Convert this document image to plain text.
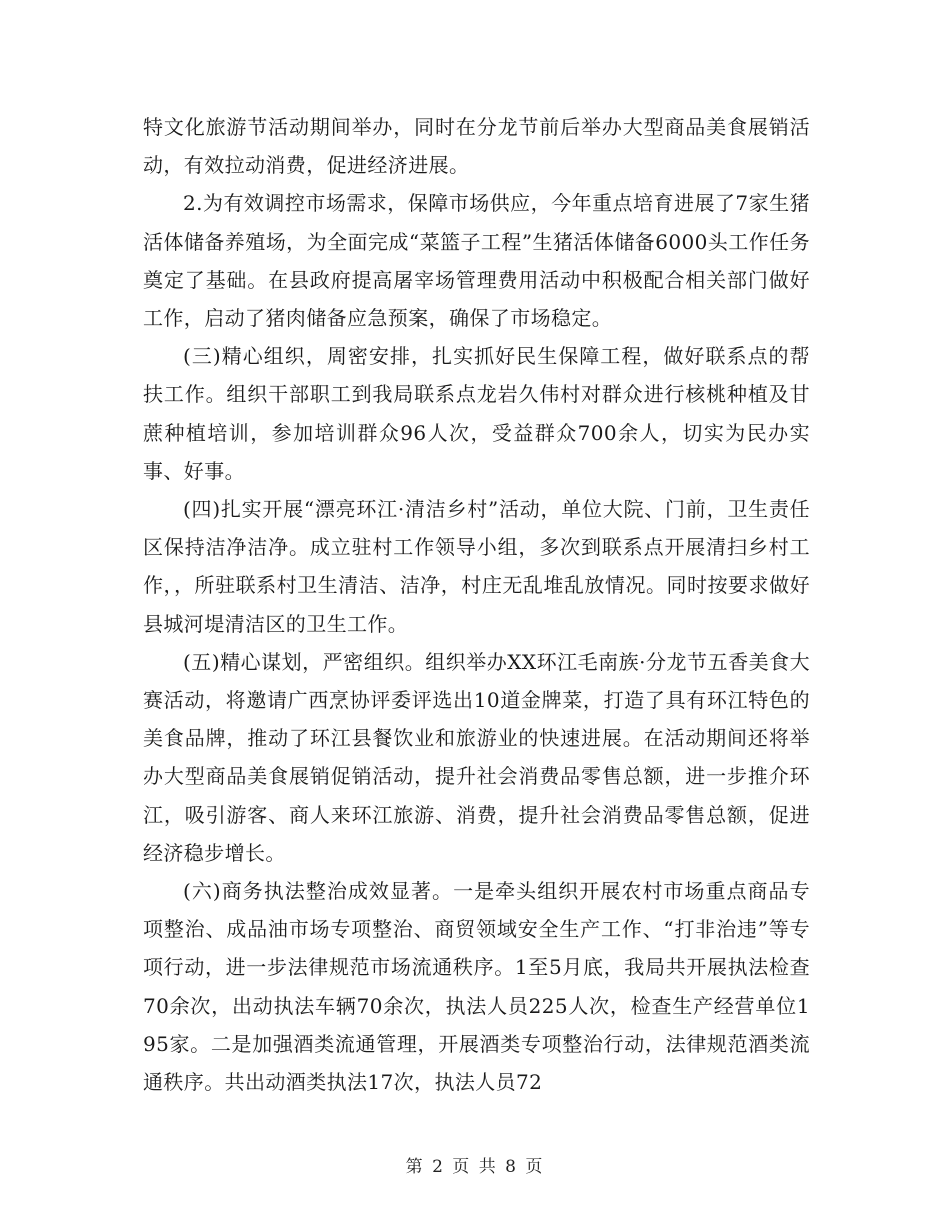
特文化旅游节活动期间举办，同时在分龙节前后举办大型商品美食展销活动，有效拉动消费，促进经济进展。

2.为有效调控市场需求，保障市场供应，今年重点培育进展了7家生猪活体储备养殖场，为全面完成“菜篮子工程”生猪活体储备6000头工作任务奠定了基础。在县政府提高屠宰场管理费用活动中积极配合相关部门做好工作，启动了猪肉储备应急预案，确保了市场稳定。

(三)精心组织，周密安排，扎实抓好民生保障工程，做好联系点的帮扶工作。组织干部职工到我局联系点龙岩久伟村对群众进行核桃种植及甘蔗种植培训，参加培训群众96人次，受益群众700余人，切实为民办实事、好事。

(四)扎实开展“漂亮环江·清洁乡村”活动，单位大院、门前，卫生责任区保持洁净洁净。成立驻村工作领导小组，多次到联系点开展清扫乡村工作，，所驻联系村卫生清洁、洁净，村庄无乱堆乱放情况。同时按要求做好县城河堤清洁区的卫生工作。

(五)精心谋划，严密组织。组织举办XX环江毛南族·分龙节五香美食大赛活动，将邀请广西烹协评委评选出10道金牌菜，打造了具有环江特色的美食品牌，推动了环江县餐饮业和旅游业的快速进展。在活动期间还将举办大型商品美食展销促销活动，提升社会消费品零售总额，进一步推介环江，吸引游客、商人来环江旅游、消费，提升社会消费品零售总额，促进经济稳步增长。

(六)商务执法整治成效显著。一是牵头组织开展农村市场重点商品专项整治、成品油市场专项整治、商贸领域安全生产工作、“打非治违”等专项行动，进一步法律规范市场流通秩序。1至5月底，我局共开展执法检查70余次，出动执法车辆70余次，执法人员225人次，检查生产经营单位195家。二是加强酒类流通管理，开展酒类专项整治行动，法律规范酒类流通秩序。共出动酒类执法17次，执法人员72

第 2 页 共 8 页
